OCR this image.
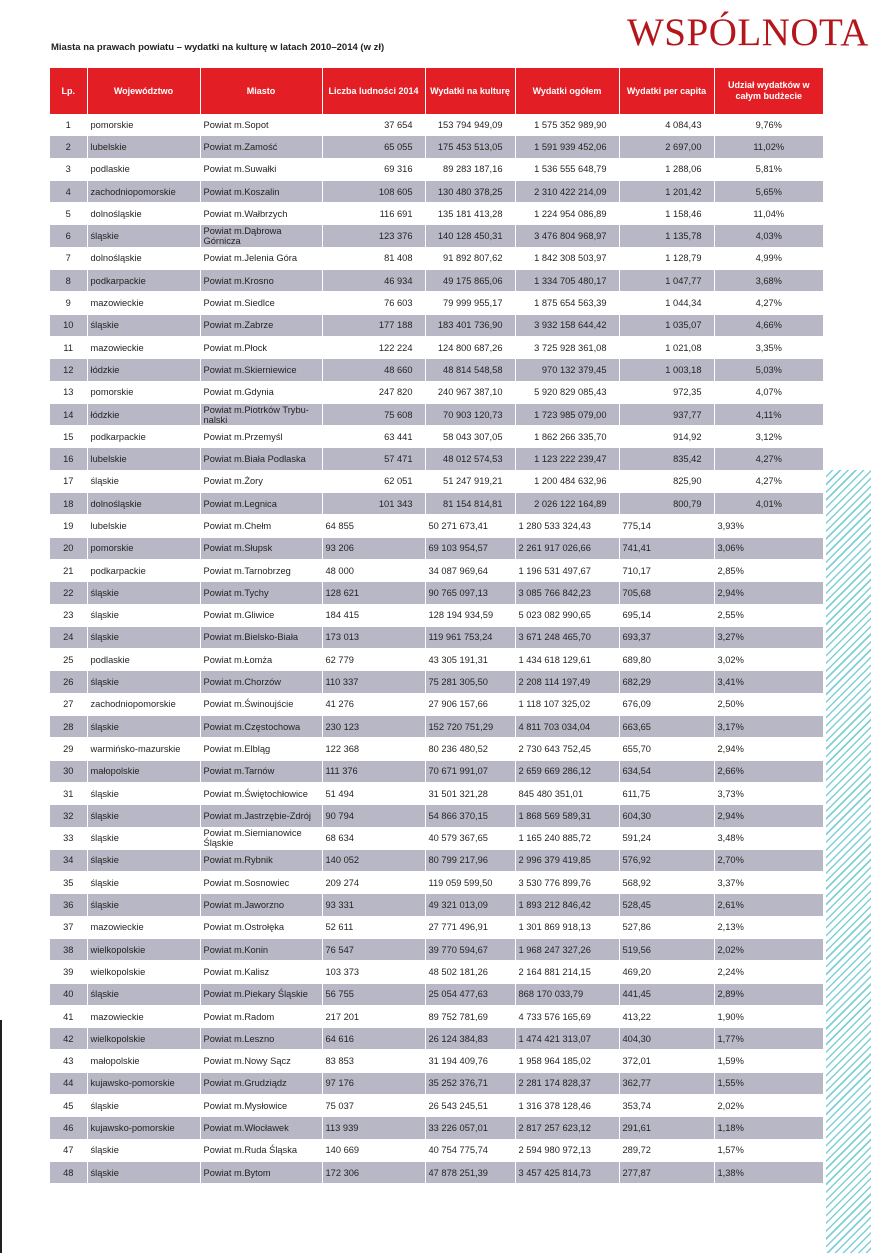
WSPÓLNOTA
Miasta na prawach powiatu – wydatki na kulturę w latach 2010–2014 (w zł)
Lp.	Województwo	Miasto	Liczba ludności 2014	Wydatki na kulturę	Wydatki ogółem	Wydatki per capita	Udział wydatków w całym budżecie
1	pomorskie	Powiat m.Sopot	37 654	153 794 949,09	1 575 352 989,90	4 084,43	9,76%
2	lubelskie	Powiat m.Zamość	65 055	175 453 513,05	1 591 939 452,06	2 697,00	11,02%
3	podlaskie	Powiat m.Suwałki	69 316	89 283 187,16	1 536 555 648,79	1 288,06	5,81%
4	zachodniopomorskie	Powiat m.Koszalin	108 605	130 480 378,25	2 310 422 214,09	1 201,42	5,65%
5	dolnośląskie	Powiat m.Wałbrzych	116 691	135 181 413,28	1 224 954 086,89	1 158,46	11,04%
6	śląskie	Powiat m.Dąbrowa Górnicza	123 376	140 128 450,31	3 476 804 968,97	1 135,78	4,03%
7	dolnośląskie	Powiat m.Jelenia Góra	81 408	91 892 807,62	1 842 308 503,97	1 128,79	4,99%
8	podkarpackie	Powiat m.Krosno	46 934	49 175 865,06	1 334 705 480,17	1 047,77	3,68%
9	mazowieckie	Powiat m.Siedlce	76 603	79 999 955,17	1 875 654 563,39	1 044,34	4,27%
10	śląskie	Powiat m.Zabrze	177 188	183 401 736,90	3 932 158 644,42	1 035,07	4,66%
11	mazowieckie	Powiat m.Płock	122 224	124 800 687,26	3 725 928 361,08	1 021,08	3,35%
12	łódzkie	Powiat m.Skierniewice	48 660	48 814 548,58	970 132 379,45	1 003,18	5,03%
13	pomorskie	Powiat m.Gdynia	247 820	240 967 387,10	5 920 829 085,43	972,35	4,07%
14	łódzkie	Powiat m.Piotrków Trybu-nalski	75 608	70 903 120,73	1 723 985 079,00	937,77	4,11%
15	podkarpackie	Powiat m.Przemyśl	63 441	58 043 307,05	1 862 266 335,70	914,92	3,12%
16	lubelskie	Powiat m.Biała Podlaska	57 471	48 012 574,53	1 123 222 239,47	835,42	4,27%
17	śląskie	Powiat m.Żory	62 051	51 247 919,21	1 200 484 632,96	825,90	4,27%
18	dolnośląskie	Powiat m.Legnica	101 343	81 154 814,81	2 026 122 164,89	800,79	4,01%
19	lubelskie	Powiat m.Chełm	64 855	50 271 673,41	1 280 533 324,43	775,14	3,93%
20	pomorskie	Powiat m.Słupsk	93 206	69 103 954,57	2 261 917 026,66	741,41	3,06%
21	podkarpackie	Powiat m.Tarnobrzeg	48 000	34 087 969,64	1 196 531 497,67	710,17	2,85%
22	śląskie	Powiat m.Tychy	128 621	90 765 097,13	3 085 766 842,23	705,68	2,94%
23	śląskie	Powiat m.Gliwice	184 415	128 194 934,59	5 023 082 990,65	695,14	2,55%
24	śląskie	Powiat m.Bielsko-Biała	173 013	119 961 753,24	3 671 248 465,70	693,37	3,27%
25	podlaskie	Powiat m.Łomża	62 779	43 305 191,31	1 434 618 129,61	689,80	3,02%
26	śląskie	Powiat m.Chorzów	110 337	75 281 305,50	2 208 114 197,49	682,29	3,41%
27	zachodniopomorskie	Powiat m.Świnoujście	41 276	27 906 157,66	1 118 107 325,02	676,09	2,50%
28	śląskie	Powiat m.Częstochowa	230 123	152 720 751,29	4 811 703 034,04	663,65	3,17%
29	warmińsko-mazurskie	Powiat m.Elbląg	122 368	80 236 480,52	2 730 643 752,45	655,70	2,94%
30	małopolskie	Powiat m.Tarnów	111 376	70 671 991,07	2 659 669 286,12	634,54	2,66%
31	śląskie	Powiat m.Świętochłowice	51 494	31 501 321,28	845 480 351,01	611,75	3,73%
32	śląskie	Powiat m.Jastrzębie-Zdrój	90 794	54 866 370,15	1 868 569 589,31	604,30	2,94%
33	śląskie	Powiat m.Siemianowice Śląskie	68 634	40 579 367,65	1 165 240 885,72	591,24	3,48%
34	śląskie	Powiat m.Rybnik	140 052	80 799 217,96	2 996 379 419,85	576,92	2,70%
35	śląskie	Powiat m.Sosnowiec	209 274	119 059 599,50	3 530 776 899,76	568,92	3,37%
36	śląskie	Powiat m.Jaworzno	93 331	49 321 013,09	1 893 212 846,42	528,45	2,61%
37	mazowieckie	Powiat m.Ostrołęka	52 611	27 771 496,91	1 301 869 918,13	527,86	2,13%
38	wielkopolskie	Powiat m.Konin	76 547	39 770 594,67	1 968 247 327,26	519,56	2,02%
39	wielkopolskie	Powiat m.Kalisz	103 373	48 502 181,26	2 164 881 214,15	469,20	2,24%
40	śląskie	Powiat m.Piekary Śląskie	56 755	25 054 477,63	868 170 033,79	441,45	2,89%
41	mazowieckie	Powiat m.Radom	217 201	89 752 781,69	4 733 576 165,69	413,22	1,90%
42	wielkopolskie	Powiat m.Leszno	64 616	26 124 384,83	1 474 421 313,07	404,30	1,77%
43	małopolskie	Powiat m.Nowy Sącz	83 853	31 194 409,76	1 958 964 185,02	372,01	1,59%
44	kujawsko-pomorskie	Powiat m.Grudziądz	97 176	35 252 376,71	2 281 174 828,37	362,77	1,55%
45	śląskie	Powiat m.Mysłowice	75 037	26 543 245,51	1 316 378 128,46	353,74	2,02%
46	kujawsko-pomorskie	Powiat m.Włocławek	113 939	33 226 057,01	2 817 257 623,12	291,61	1,18%
47	śląskie	Powiat m.Ruda Śląska	140 669	40 754 775,74	2 594 980 972,13	289,72	1,57%
48	śląskie	Powiat m.Bytom	172 306	47 878 251,39	3 457 425 814,73	277,87	1,38%
